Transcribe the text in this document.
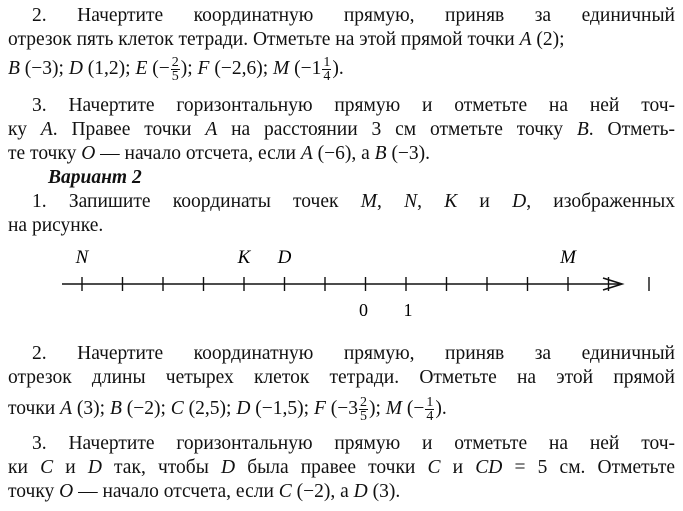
2. Начертите координатную прямую, приняв за единичный
отрезок пять клеток тетради. Отметьте на этой прямой точки A (2);
B (−3); D (1,2); E (− $\frac{2}{5}$ ); F (−2,6); M ($-1 \frac{1}{4}$ ).
3. Начертите горизонтальную прямую и отметьте на ней точ-
ку A. Правее точки A на расстоянии 3 см отметьте точку B. Отметь-
те точку O — начало отсчета, если A (−6), а B (−3).
Вариант 2
1. Запишите координаты точек M, N, K и D, изображенных
на рисунке.
N	K D	M
0 1
2. Начертите координатную прямую, приняв за единичный
отрезок длины четырех клеток тетради. Отметьте на этой прямой
точки A (3); B (−2); C (2,5); D (−1,5); F ($-3 \frac{2}{5}$ ); M (− $\frac{1}{4}$ ).
3. Начертите горизонтальную прямую и отметьте на ней точ-
ки C и D так, чтобы D была правее точки C и CD = 5 см. Отметьте
точку O — начало отсчета, если C (−2), а D (3).
